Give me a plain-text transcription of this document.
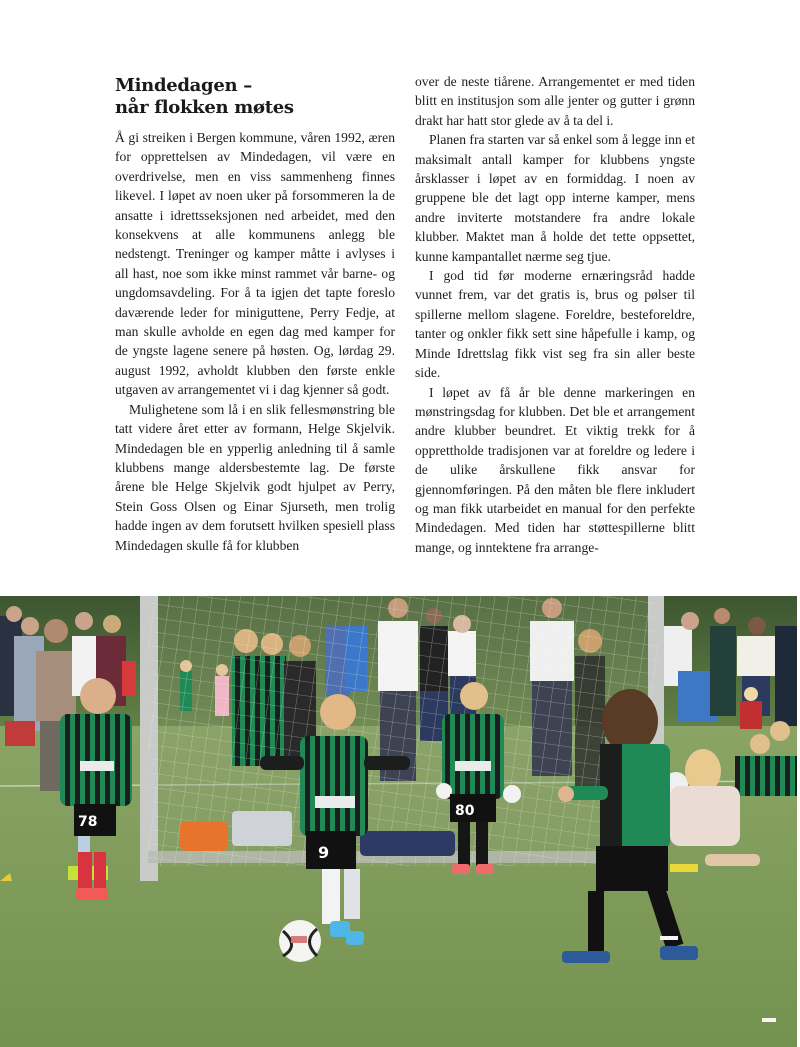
Mindedagen –
når flokken møtes

Å gi streiken i Bergen kommune, våren 1992, æren for opprettelsen av Mindedagen, vil være en overdrivelse, men en viss sammenheng finnes likevel. I løpet av noen uker på forsommeren la de ansatte i idrettsseksjonen ned arbeidet, med den konsekvens at alle kommunens anlegg ble nedstengt. Treninger og kamper måtte i avlyses i all hast, noe som ikke minst rammet vår barne- og ungdomsavdeling. For å ta igjen det tapte foreslo daværende leder for miniguttene, Perry Fedje, at man skulle avholde en egen dag med kamper for de yngste lagene senere på høsten. Og, lørdag 29. august 1992, avholdt klubben den første enkle utgaven av arrangementet vi i dag kjenner så godt.

Mulighetene som lå i en slik fellesmønstring ble tatt videre året etter av formann, Helge Skjelvik. Mindedagen ble en ypperlig anledning til å samle klubbens mange aldersbestemte lag. De første årene ble Helge Skjelvik godt hjulpet av Perry, Stein Goss Olsen og Einar Sjurseth, men trolig hadde ingen av dem forutsett hvilken spesiell plass Mindedagen skulle få for klubben

over de neste tiårene. Arrangementet er med tiden blitt en institusjon som alle jenter og gutter i grønn drakt har hatt stor glede av å ta del i.

Planen fra starten var så enkel som å legge inn et maksimalt antall kamper for klubbens yngste årsklasser i løpet av en formiddag. I noen av gruppene ble det lagt opp interne kamper, mens andre inviterte motstandere fra andre lokale klubber. Maktet man å holde det tette oppsettet, kunne kampantallet nærme seg tjue.

I god tid før moderne ernæringsråd hadde vunnet frem, var det gratis is, brus og pølser til spillerne mellom slagene. Foreldre, besteforeldre, tanter og onkler fikk sett sine håpefulle i kamp, og Minde Idrettslag fikk vist seg fra sin aller beste side.

I løpet av få år ble denne markeringen en mønstringsdag for klubben. Det ble et arrangement andre klubber beundret. Et viktig trekk for å opprettholde tradisjonen var at foreldre og ledere i de ulike årskullene fikk ansvar for gjennomføringen. På den måten ble flere inkludert og man fikk utarbeidet en manual for den perfekte Mindedagen. Med tiden har støttespillerne blitt mange, og inntektene fra arrange-

78
9
80
